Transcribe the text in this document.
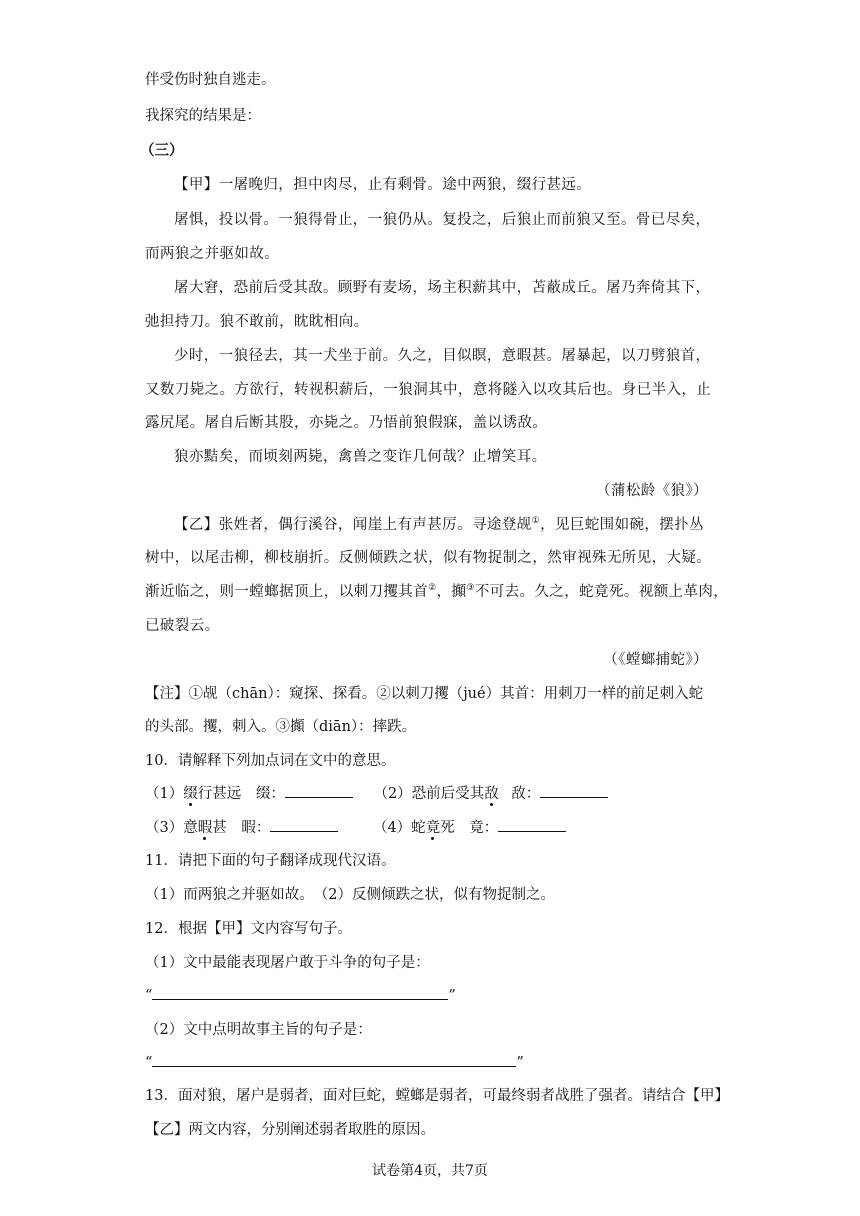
伴受伤时独自逃走。
我探究的结果是：
（三）
【甲】一屠晚归，担中肉尽，止有剩骨。途中两狼，缀行甚远。
屠惧，投以骨。一狼得骨止，一狼仍从。复投之，后狼止而前狼又至。骨已尽矣，
而两狼之并驱如故。
屠大窘，恐前后受其敌。顾野有麦场，场主积薪其中，苫蔽成丘。屠乃奔倚其下，
弛担持刀。狼不敢前，眈眈相向。
少时，一狼径去，其一犬坐于前。久之，目似瞑，意暇甚。屠暴起，以刀劈狼首，
又数刀毙之。方欲行，转视积薪后，一狼洞其中，意将隧入以攻其后也。身已半入，止
露尻尾。屠自后断其股，亦毙之。乃悟前狼假寐，盖以诱敌。
狼亦黠矣，而顷刻两毙，禽兽之变诈几何哉？止增笑耳。
（蒲松龄《狼》）
【乙】张姓者，偶行溪谷，闻崖上有声甚厉。寻途登觇①，见巨蛇围如碗，摆扑丛
树中，以尾击柳，柳枝崩折。反侧倾跌之状，似有物捉制之，然审视殊无所见，大疑。
渐近临之，则一螳螂据顶上，以刺刀攫其首②，攧③不可去。久之，蛇竟死。视额上革肉，
已破裂云。
（《螳螂捕蛇》）
【注】①觇（chān）：窥探、探看。②以刺刀攫（jué）其首：用刺刀一样的前足刺入蛇
的头部。攫，刺入。③攧（diān）：摔跌。
10．请解释下列加点词在文中的意思。
（1）缀行甚远 缀：	（2）恐前后受其敌 敌：
（3）意暇甚 暇：	（4）蛇竟死 竟：
11．请把下面的句子翻译成现代汉语。
（1）而两狼之并驱如故。　（2）反侧倾跌之状，似有物捉制之。
12．根据【甲】文内容写句子。
（1）文中最能表现屠户敢于斗争的句子是：
“	”
（2）文中点明故事主旨的句子是：
“	”
13．面对狼，屠户是弱者，面对巨蛇，螳螂是弱者，可最终弱者战胜了强者。请结合【甲】
【乙】两文内容，分别阐述弱者取胜的原因。
试卷第4页，共7页
